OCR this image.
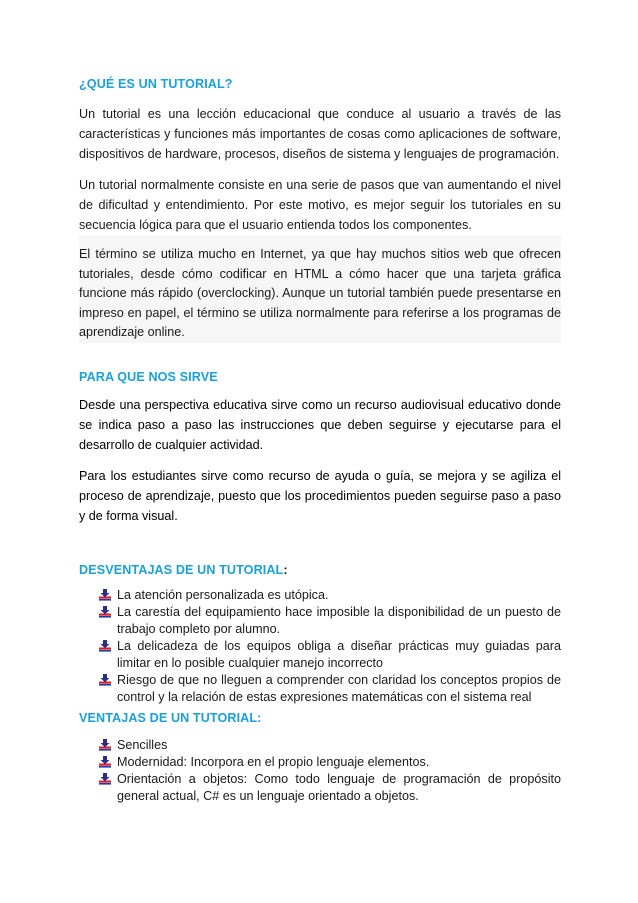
¿QUÉ ES UN TUTORIAL?

Un tutorial es una lección educacional que conduce al usuario a través de las características y funciones más importantes de cosas como aplicaciones de software, dispositivos de hardware, procesos, diseños de sistema y lenguajes de programación.

Un tutorial normalmente consiste en una serie de pasos que van aumentando el nivel de dificultad y entendimiento. Por este motivo, es mejor seguir los tutoriales en su secuencia lógica para que el usuario entienda todos los componentes.

El término se utiliza mucho en Internet, ya que hay muchos sitios web que ofrecen tutoriales, desde cómo codificar en HTML a cómo hacer que una tarjeta gráfica funcione más rápido (overclocking). Aunque un tutorial también puede presentarse en impreso en papel, el término se utiliza normalmente para referirse a los programas de aprendizaje online.

PARA QUE NOS SIRVE

Desde una perspectiva educativa sirve como un recurso audiovisual educativo donde se indica paso a paso las instrucciones que deben seguirse y ejecutarse para el desarrollo de cualquier actividad.

Para los estudiantes sirve como recurso de ayuda o guía, se mejora y se agiliza el proceso de aprendizaje, puesto que los procedimientos pueden seguirse paso a paso y de forma visual.

DESVENTAJAS DE UN TUTORIAL:
La atención personalizada es utópica.
La carestía del equipamiento hace imposible la disponibilidad de un puesto de trabajo completo por alumno.
La delicadeza de los equipos obliga a diseñar prácticas muy guiadas para limitar en lo posible cualquier manejo incorrecto
Riesgo de que no lleguen a comprender con claridad los conceptos propios de control y la relación de estas expresiones matemáticas con el sistema real
VENTAJAS DE UN TUTORIAL:
Sencilles
Modernidad: Incorpora en el propio lenguaje elementos.
Orientación a objetos: Como todo lenguaje de programación de propósito general actual, C# es un lenguaje orientado a objetos.
